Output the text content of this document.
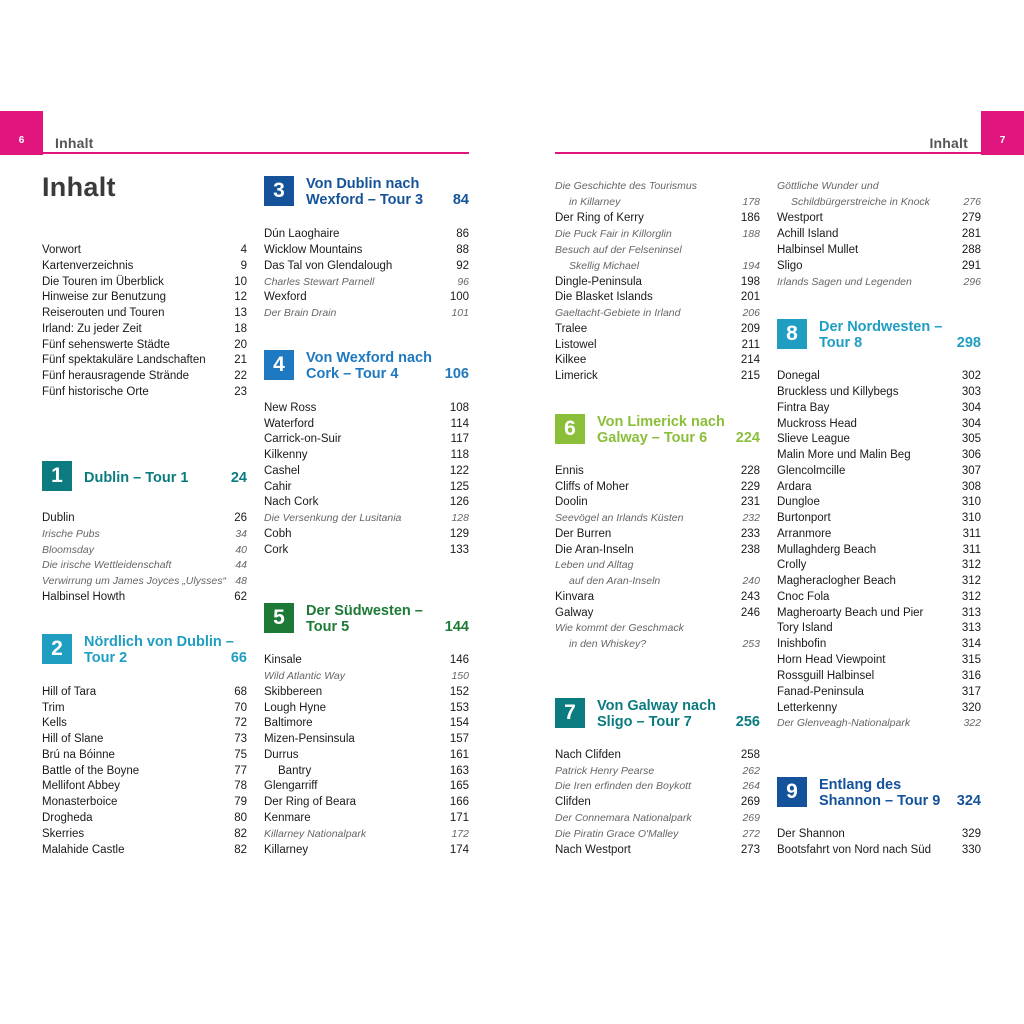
6	Inhalt	7
Inhalt
Inhalt
Vorwort	4
Kartenverzeichnis	9
Die Touren im Überblick	10
Hinweise zur Benutzung	12
Reiserouten und Touren	13
Irland: Zu jeder Zeit	18
Fünf sehenswerte Städte	20
Fünf spektakuläre Landschaften 21
Fünf herausragende Strände	22
Fünf historische Orte	23
1	Dublin – Tour 1	24
Dublin	26
Irische Pubs	34
Bloomsday	40
Die irische Wettleidenschaft	44
Verwirrung um James Joyces „Ulysses“ 48
Halbinsel Howth	62
2	Nördlich von Dublin –
Tour 2	66
Hill of Tara	68
Trim	70
Kells	72
Hill of Slane	73
Brú na Bóinne	75
Battle of the Boyne	77
Mellifont Abbey	78
Monasterboice	79
Drogheda	80
Skerries	82
Malahide Castle	82
3	Von Dublin nach
Wexford – Tour 3 84
Dún Laoghaire	86
Wicklow Mountains	88
Das Tal von Glendalough	92
Charles Stewart Parnell	96
Wexford	100
Der Brain Drain	101
4	Von Wexford nach
Cork – Tour 4	106
New Ross	108
Waterford	114
Carrick-on-Suir	117
Kilkenny	118
Cashel	122
Cahir	125
Nach Cork	126
Die Versenkung der Lusitania	128
Cobh	129
Cork	133
5	Der Südwesten –
Tour 5	144
Kinsale	146
Wild Atlantic Way	150
Skibbereen	152
Lough Hyne	153
Baltimore	154
Mizen-Pensinsula	157
Durrus	161
Bantry	163
Glengarriff	165
Der Ring of Beara	166
Kenmare	171
Killarney Nationalpark	172
Killarney	174
Die Geschichte des Tourismus
in Killarney	178
Der Ring of Kerry	186
Die Puck Fair in Killorglin	188
Besuch auf der Felseninsel
Skellig Michael	194
Dingle-Peninsula	198
Die Blasket Islands	201
Gaeltacht-Gebiete in Irland	206
Tralee	209
Listowel	211
Kilkee	214
Limerick	215
6	Von Limerick nach
Galway – Tour 6	224
Ennis	228
Cliffs of Moher	229
Doolin	231
Seevögel an Irlands Küsten	232
Der Burren	233
Die Aran-Inseln	238
Leben und Alltag
auf den Aran-Inseln	240
Kinvara	243
Galway	246
Wie kommt der Geschmack
in den Whiskey?	253
7	Von Galway nach
Sligo – Tour 7	256
Nach Clifden	258
Patrick Henry Pearse	262
Die Iren erfinden den Boykott	264
Clifden	269
Der Connemara Nationalpark	269
Die Piratin Grace O'Malley	272
Nach Westport	273
Göttliche Wunder und
Schildbürgerstreiche in Knock	276
Westport	279
Achill Island	281
Halbinsel Mullet	288
Sligo	291
Irlands Sagen und Legenden	296
8	Der Nordwesten –
Tour 8	298
Donegal	302
Bruckless und Killybegs	303
Fintra Bay	304
Muckross Head	304
Slieve League	305
Malin More und Malin Beg	306
Glencolmcille	307
Ardara	308
Dungloe	310
Burtonport	310
Arranmore	311
Mullaghderg Beach	311
Crolly	312
Magheraclogher Beach	312
Cnoc Fola	312
Magheroarty Beach und Pier	313
Tory Island	313
Inishbofin	314
Horn Head Viewpoint	315
Rossguill Halbinsel	316
Fanad-Peninsula	317
Letterkenny	320
Der Glenveagh-Nationalpark	322
9	Entlang des
Shannon – Tour 9 324
Der Shannon	329
Bootsfahrt von Nord nach Süd	330
